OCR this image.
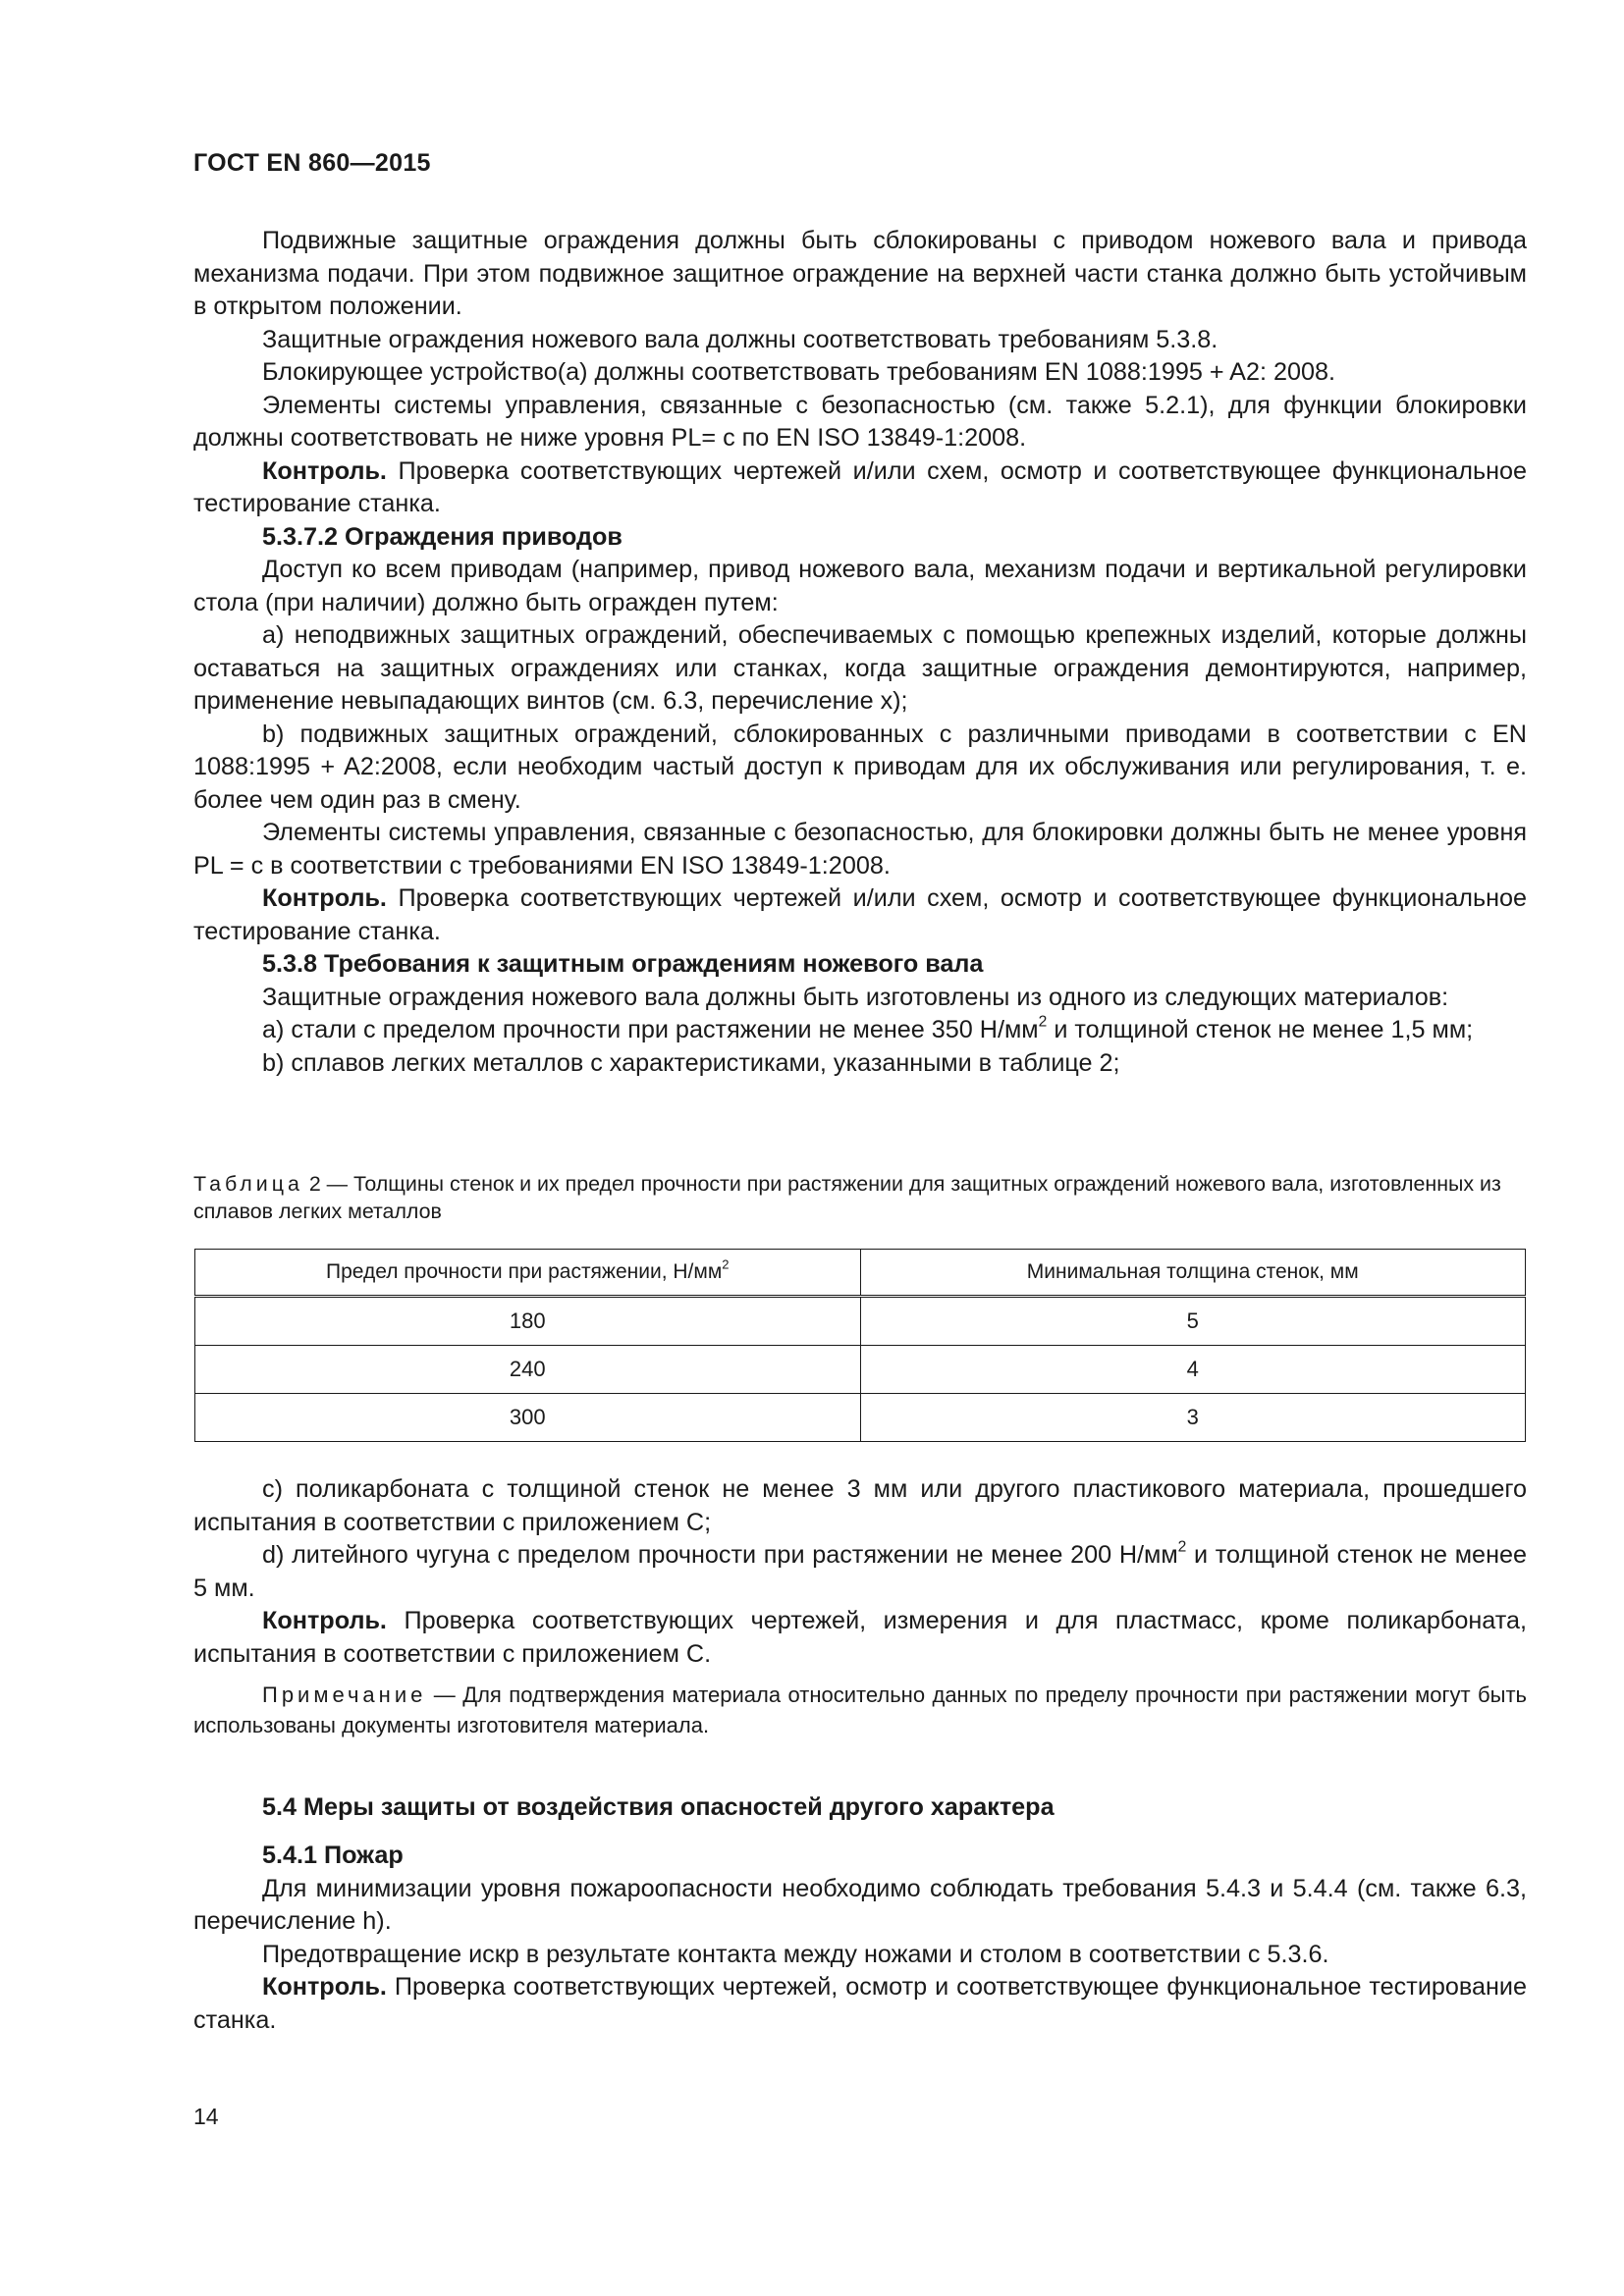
ГОСТ EN 860—2015

Подвижные защитные ограждения должны быть сблокированы с приводом ножевого вала и привода механизма подачи. При этом подвижное защитное ограждение на верхней части станка должно быть устойчивым в открытом положении.

Защитные ограждения ножевого вала должны соответствовать требованиям 5.3.8.

Блокирующее устройство(а) должны соответствовать требованиям EN 1088:1995 + A2: 2008.

Элементы системы управления, связанные с безопасностью (см. также 5.2.1), для функции блокировки должны соответствовать не ниже уровня PL= c по EN ISO 13849-1:2008.

Контроль. Проверка соответствующих чертежей и/или схем, осмотр и соответствующее функциональное тестирование станка.

5.3.7.2 Ограждения приводов

Доступ ко всем приводам (например, привод ножевого вала, механизм подачи и вертикальной регулировки стола (при наличии) должно быть огражден путем:

a) неподвижных защитных ограждений, обеспечиваемых с помощью крепежных изделий, которые должны оставаться на защитных ограждениях или станках, когда защитные ограждения демонтируются, например, применение невыпадающих винтов (см. 6.3, перечисление x);

b) подвижных защитных ограждений, сблокированных с различными приводами в соответствии с EN 1088:1995 + A2:2008, если необходим частый доступ к приводам для их обслуживания или регулирования, т. е. более чем один раз в смену.

Элементы системы управления, связанные с безопасностью, для блокировки должны быть не менее уровня PL = c в соответствии с требованиями EN ISO 13849-1:2008.

Контроль. Проверка соответствующих чертежей и/или схем, осмотр и соответствующее функциональное тестирование станка.

5.3.8 Требования к защитным ограждениям ножевого вала

Защитные ограждения ножевого вала должны быть изготовлены из одного из следующих материалов:

a) стали с пределом прочности при растяжении не менее 350 $Н/мм^2$ и толщиной стенок не менее 1,5 мм;

b) сплавов легких металлов с характеристиками, указанными в таблице 2;

Таблица 2 — Толщины стенок и их предел прочности при растяжении для защитных ограждений ножевого вала, изготовленных из сплавов легких металлов

Предел прочности при растяжении, $Н/мм^2$	Минимальная толщина стенок, мм
180	5
240	4
300	3

c) поликарбоната с толщиной стенок не менее 3 мм или другого пластикового материала, прошедшего испытания в соответствии с приложением С;

d) литейного чугуна с пределом прочности при растяжении не менее 200 $Н/мм^2$ и толщиной стенок не менее 5 мм.

Контроль. Проверка соответствующих чертежей, измерения и для пластмасс, кроме поликарбоната, испытания в соответствии с приложением С.

Примечание — Для подтверждения материала относительно данных по пределу прочности при растяжении могут быть использованы документы изготовителя материала.

5.4 Меры защиты от воздействия опасностей другого характера

5.4.1 Пожар

Для минимизации уровня пожароопасности необходимо соблюдать требования 5.4.3 и 5.4.4 (см. также 6.3, перечисление h).

Предотвращение искр в результате контакта между ножами и столом в соответствии с 5.3.6.

Контроль. Проверка соответствующих чертежей, осмотр и соответствующее функциональное тестирование станка.

14
